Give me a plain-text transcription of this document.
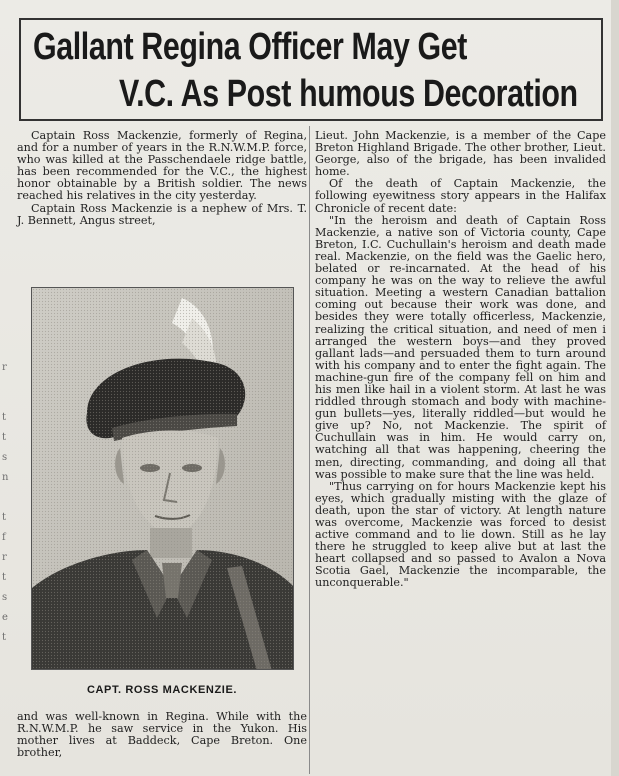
r
t
t
s
n
t
f
r
t
s
e
t
Gallant Regina Officer May Get
V.C. As Post humous Decoration

Captain Ross Mackenzie, formerly of Regina, and for a number of years in the R.N.W.M.P. force, who was killed at the Passchendaele ridge battle, has been recommended for the V.C., the highest honor obtainable by a British soldier. The news reached his relatives in the city yesterday.

Captain Ross Mackenzie is a nephew of Mrs. T. J. Bennett, Angus street,

CAPT. ROSS MACKENZIE.

and was well-known in Regina. While with the R.N.W.M.P. he saw service in the Yukon. His mother lives at Baddeck, Cape Breton. One brother,

Lieut. John Mackenzie, is a member of the Cape Breton Highland Brigade. The other brother, Lieut. George, also of the brigade, has been invalided home.

Of the death of Captain Mackenzie, the following eyewitness story appears in the Halifax Chronicle of recent date:

"In the heroism and death of Captain Ross Mackenzie, a native son of Victoria county, Cape Breton, I.C. Cuchullain's heroism and death made real. Mackenzie, on the field was the Gaelic hero, belated or re-incarnated. At the head of his company he was on the way to relieve the awful situation. Meeting a western Canadian battalion coming out because their work was done, and besides they were totally officerless, Mackenzie, realizing the critical situation, and need of men i arranged the western boys—and they proved gallant lads—and persuaded them to turn around with his company and to enter the fight again. The machine-gun fire of the company fell on him and his men like hail in a violent storm. At last he was riddled through stomach and body with machine-gun bullets—yes, literally riddled—but would he give up? No, not Mackenzie. The spirit of Cuchullain was in him. He would carry on, watching all that was happening, cheering the men, directing, commanding, and doing all that was possible to make sure that the line was held.

"Thus carrying on for hours Mackenzie kept his eyes, which gradually misting with the glaze of death, upon the star of victory. At length nature was overcome, Mackenzie was forced to desist active command and to lie down. Still as he lay there he struggled to keep alive but at last the heart collapsed and so passed to Avalon a Nova Scotia Gael, Mackenzie the incomparable, the unconquerable."
